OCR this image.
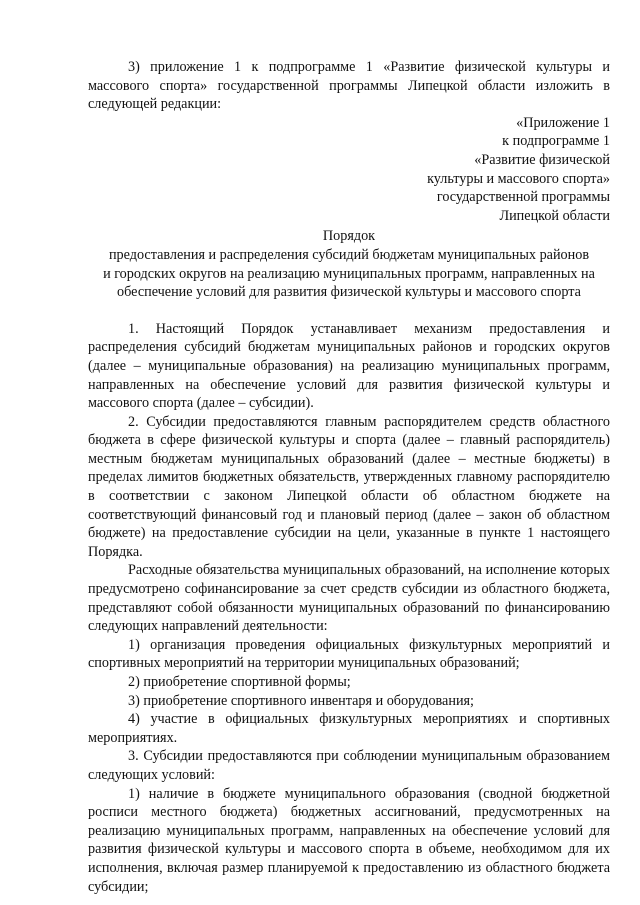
3) приложение 1 к подпрограмме 1 «Развитие физической культуры и массового спорта» государственной программы Липецкой области изложить в следующей редакции:

«Приложение 1
к подпрограмме 1
«Развитие физической
культуры и массового спорта»
государственной программы
Липецкой области

Порядок

предоставления и распределения субсидий бюджетам муниципальных районов

и городских округов на реализацию муниципальных программ, направленных на

обеспечение условий для развития физической культуры и массового спорта

1. Настоящий Порядок устанавливает механизм предоставления и распределения субсидий бюджетам муниципальных районов и городских округов (далее – муниципальные образования) на реализацию муниципальных программ, направленных на обеспечение условий для развития физической культуры и массового спорта (далее – субсидии).

2. Субсидии предоставляются главным распорядителем средств областного бюджета в сфере физической культуры и спорта (далее – главный распорядитель) местным бюджетам муниципальных образований (далее – местные бюджеты) в пределах лимитов бюджетных обязательств, утвержденных главному распорядителю в соответствии с законом Липецкой области об областном бюджете на соответствующий финансовый год и плановый период (далее – закон об областном бюджете) на предоставление субсидии на цели, указанные в пункте 1 настоящего Порядка.

Расходные обязательства муниципальных образований, на исполнение которых предусмотрено софинансирование за счет средств субсидии из областного бюджета, представляют собой обязанности муниципальных образований по финансированию следующих направлений деятельности:

1) организация проведения официальных физкультурных мероприятий и спортивных мероприятий на территории муниципальных образований;

2) приобретение спортивной формы;

3) приобретение спортивного инвентаря и оборудования;

4) участие в официальных физкультурных мероприятиях и спортивных мероприятиях.

3. Субсидии предоставляются при соблюдении муниципальным образованием следующих условий:

1) наличие в бюджете муниципального образования (сводной бюджетной росписи местного бюджета) бюджетных ассигнований, предусмотренных на реализацию муниципальных программ, направленных на обеспечение условий для развития физической культуры и массового спорта в объеме, необходимом для их исполнения, включая размер планируемой к предоставлению из областного бюджета субсидии;
